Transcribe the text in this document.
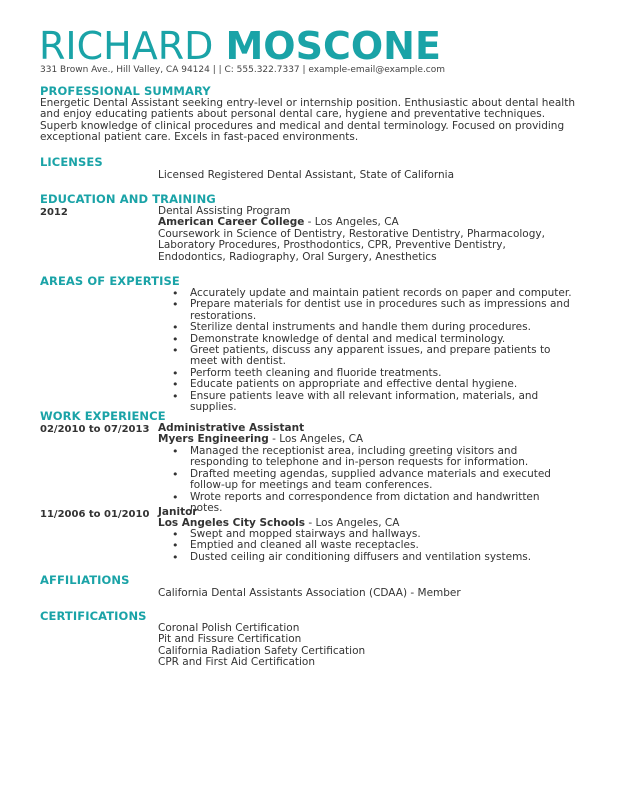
RICHARD MOSCONE
331 Brown Ave., Hill Valley, CA 94124 | | C: 555.322.7337 | example-email@example.com
PROFESSIONAL SUMMARY
Energetic Dental Assistant seeking entry-level or internship position. Enthusiastic about dental health and enjoy educating patients about personal dental care, hygiene and preventative techniques. Superb knowledge of clinical procedures and medical and dental terminology. Focused on providing exceptional patient care. Excels in fast-paced environments.
LICENSES
Licensed Registered Dental Assistant, State of California
EDUCATION AND TRAINING
2012	Dental Assisting Program
American Career College - Los Angeles, CA
Coursework in Science of Dentistry, Restorative Dentistry, Pharmacology, Laboratory Procedures, Prosthodontics, CPR, Preventive Dentistry, Endodontics, Radiography, Oral Surgery, Anesthetics
AREAS OF EXPERTISE
• Accurately update and maintain patient records on paper and computer.
• Prepare materials for dentist use in procedures such as impressions and restorations.
• Sterilize dental instruments and handle them during procedures.
• Demonstrate knowledge of dental and medical terminology.
• Greet patients, discuss any apparent issues, and prepare patients to meet with dentist.
• Perform teeth cleaning and fluoride treatments.
• Educate patients on appropriate and effective dental hygiene.
• Ensure patients leave with all relevant information, materials, and supplies.
WORK EXPERIENCE
02/2010 to 07/2013 Administrative Assistant
Myers Engineering - Los Angeles, CA
• Managed the receptionist area, including greeting visitors and responding to telephone and in-person requests for information.
• Drafted meeting agendas, supplied advance materials and executed follow-up for meetings and team conferences.
• Wrote reports and correspondence from dictation and handwritten notes.
11/2006 to 01/2010 Janitor
Los Angeles City Schools - Los Angeles, CA
• Swept and mopped stairways and hallways.
• Emptied and cleaned all waste receptacles.
• Dusted ceiling air conditioning diffusers and ventilation systems.
AFFILIATIONS
California Dental Assistants Association (CDAA) - Member
CERTIFICATIONS
Coronal Polish Certification
Pit and Fissure Certification
California Radiation Safety Certification
CPR and First Aid Certification
